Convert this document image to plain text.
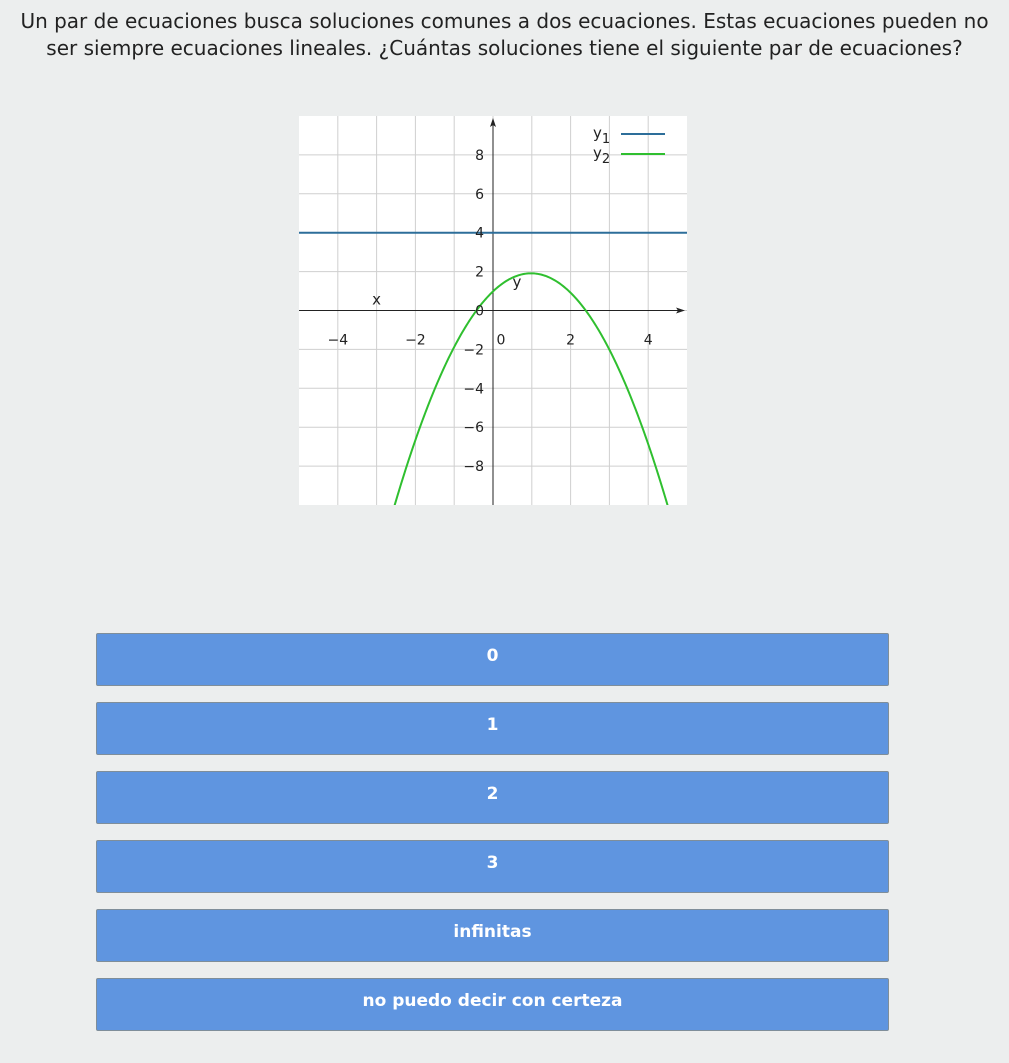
Un par de ecuaciones busca soluciones comunes a dos ecuaciones. Estas ecuaciones pueden no ser siempre ecuaciones lineales. ¿Cuántas soluciones tiene el siguiente par de ecuaciones?
−4	−2	0	2	4
−8
−6
−4
−2
0
2
4
6
8
x
y
y1
y2
0
1
2
3
infinitas
no puedo decir con certeza
